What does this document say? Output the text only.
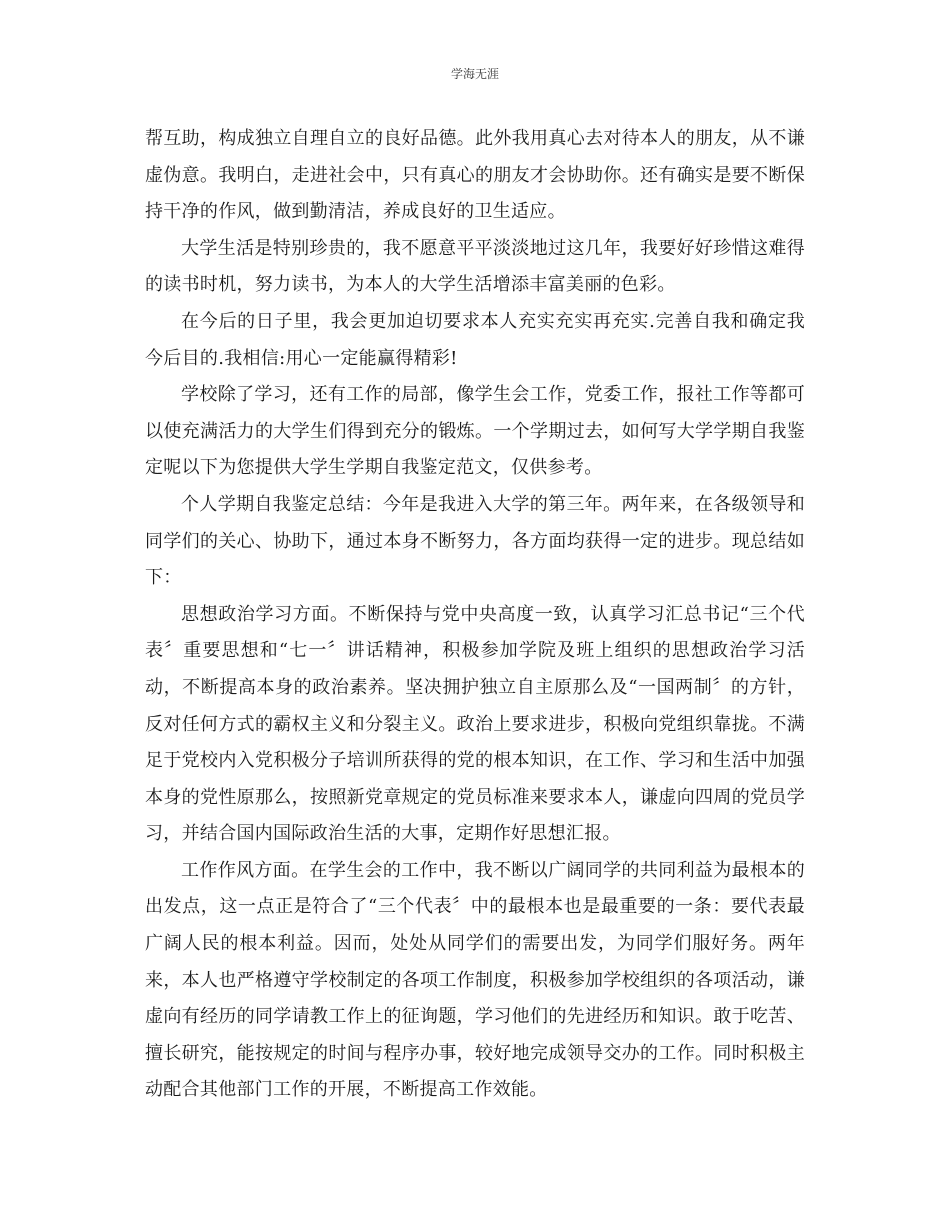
学海无涯

帮互助，构成独立自理自立的良好品德。此外我用真心去对待本人的朋友，从不谦虚伪意。我明白，走进社会中，只有真心的朋友才会协助你。还有确实是要不断保持干净的作风，做到勤清洁，养成良好的卫生适应。

大学生活是特别珍贵的，我不愿意平平淡淡地过这几年，我要好好珍惜这难得的读书时机，努力读书，为本人的大学生活增添丰富美丽的色彩。

在今后的日子里，我会更加迫切要求本人充实充实再充实.完善自我和确定我今后目的.我相信:用心一定能赢得精彩!

学校除了学习，还有工作的局部，像学生会工作，党委工作，报社工作等都可以使充满活力的大学生们得到充分的锻炼。一个学期过去，如何写大学学期自我鉴定呢以下为您提供大学生学期自我鉴定范文，仅供参考。

个人学期自我鉴定总结：今年是我进入大学的第三年。两年来，在各级领导和同学们的关心、协助下，通过本身不断努力，各方面均获得一定的进步。现总结如下：

思想政治学习方面。不断保持与党中央高度一致，认真学习汇总书记“三个代表〞重要思想和“七一〞讲话精神，积极参加学院及班上组织的思想政治学习活动，不断提高本身的政治素养。坚决拥护独立自主原那么及“一国两制〞的方针，反对任何方式的霸权主义和分裂主义。政治上要求进步，积极向党组织靠拢。不满足于党校内入党积极分子培训所获得的党的根本知识，在工作、学习和生活中加强本身的党性原那么，按照新党章规定的党员标准来要求本人，谦虚向四周的党员学习，并结合国内国际政治生活的大事，定期作好思想汇报。

工作作风方面。在学生会的工作中，我不断以广阔同学的共同利益为最根本的出发点，这一点正是符合了“三个代表〞中的最根本也是最重要的一条：要代表最广阔人民的根本利益。因而，处处从同学们的需要出发，为同学们服好务。两年来，本人也严格遵守学校制定的各项工作制度，积极参加学校组织的各项活动，谦虚向有经历的同学请教工作上的征询题，学习他们的先进经历和知识。敢于吃苦、擅长研究，能按规定的时间与程序办事，较好地完成领导交办的工作。同时积极主动配合其他部门工作的开展，不断提高工作效能。
